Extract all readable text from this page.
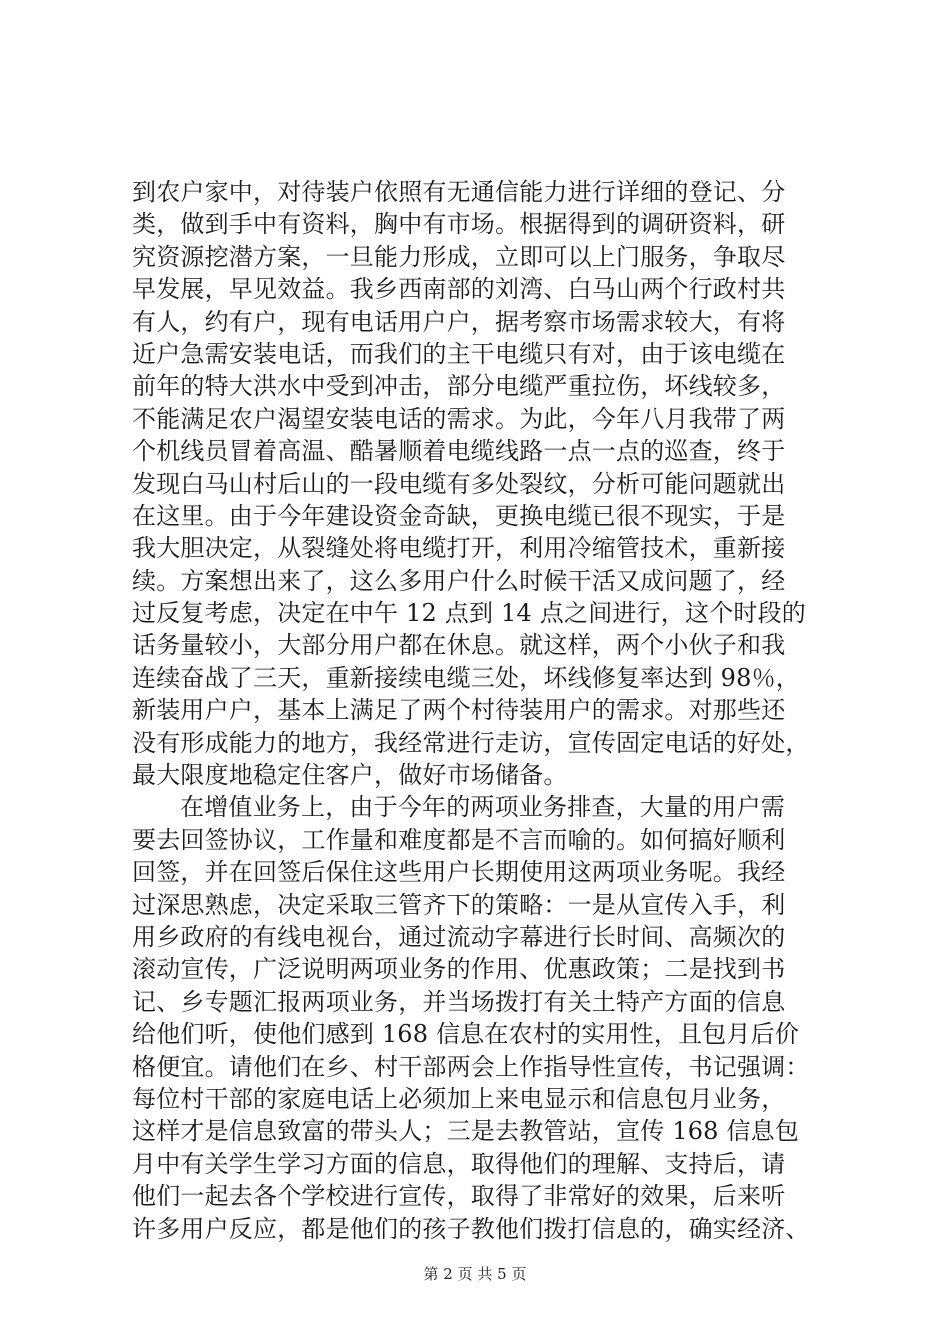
到农户家中，对待装户依照有无通信能力进行详细的登记、分
类，做到手中有资料，胸中有市场。根据得到的调研资料，研
究资源挖潜方案，一旦能力形成，立即可以上门服务，争取尽
早发展，早见效益。我乡西南部的刘湾、白马山两个行政村共
有人，约有户，现有电话用户户，据考察市场需求较大，有将
近户急需安装电话，而我们的主干电缆只有对，由于该电缆在
前年的特大洪水中受到冲击，部分电缆严重拉伤，坏线较多，
不能满足农户渴望安装电话的需求。为此，今年八月我带了两
个机线员冒着高温、酷暑顺着电缆线路一点一点的巡查，终于
发现白马山村后山的一段电缆有多处裂纹，分析可能问题就出
在这里。由于今年建设资金奇缺，更换电缆已很不现实，于是
我大胆决定，从裂缝处将电缆打开，利用冷缩管技术，重新接
续。方案想出来了，这么多用户什么时候干活又成问题了，经
过反复考虑，决定在中午 12 点到 14 点之间进行，这个时段的
话务量较小，大部分用户都在休息。就这样，两个小伙子和我
连续奋战了三天，重新接续电缆三处，坏线修复率达到 98％，
新装用户户，基本上满足了两个村待装用户的需求。对那些还
没有形成能力的地方，我经常进行走访，宣传固定电话的好处，
最大限度地稳定住客户，做好市场储备。
在增值业务上，由于今年的两项业务排查，大量的用户需
要去回签协议，工作量和难度都是不言而喻的。如何搞好顺利
回签，并在回签后保住这些用户长期使用这两项业务呢。我经
过深思熟虑，决定采取三管齐下的策略：一是从宣传入手，利
用乡政府的有线电视台，通过流动字幕进行长时间、高频次的
滚动宣传，广泛说明两项业务的作用、优惠政策；二是找到书
记、乡专题汇报两项业务，并当场拨打有关土特产方面的信息
给他们听，使他们感到 168 信息在农村的实用性，且包月后价
格便宜。请他们在乡、村干部两会上作指导性宣传，书记强调：
每位村干部的家庭电话上必须加上来电显示和信息包月业务，
这样才是信息致富的带头人；三是去教管站，宣传 168 信息包
月中有关学生学习方面的信息，取得他们的理解、支持后，请
他们一起去各个学校进行宣传，取得了非常好的效果，后来听
许多用户反应，都是他们的孩子教他们拨打信息的，确实经济、
第 2 页 共 5 页
